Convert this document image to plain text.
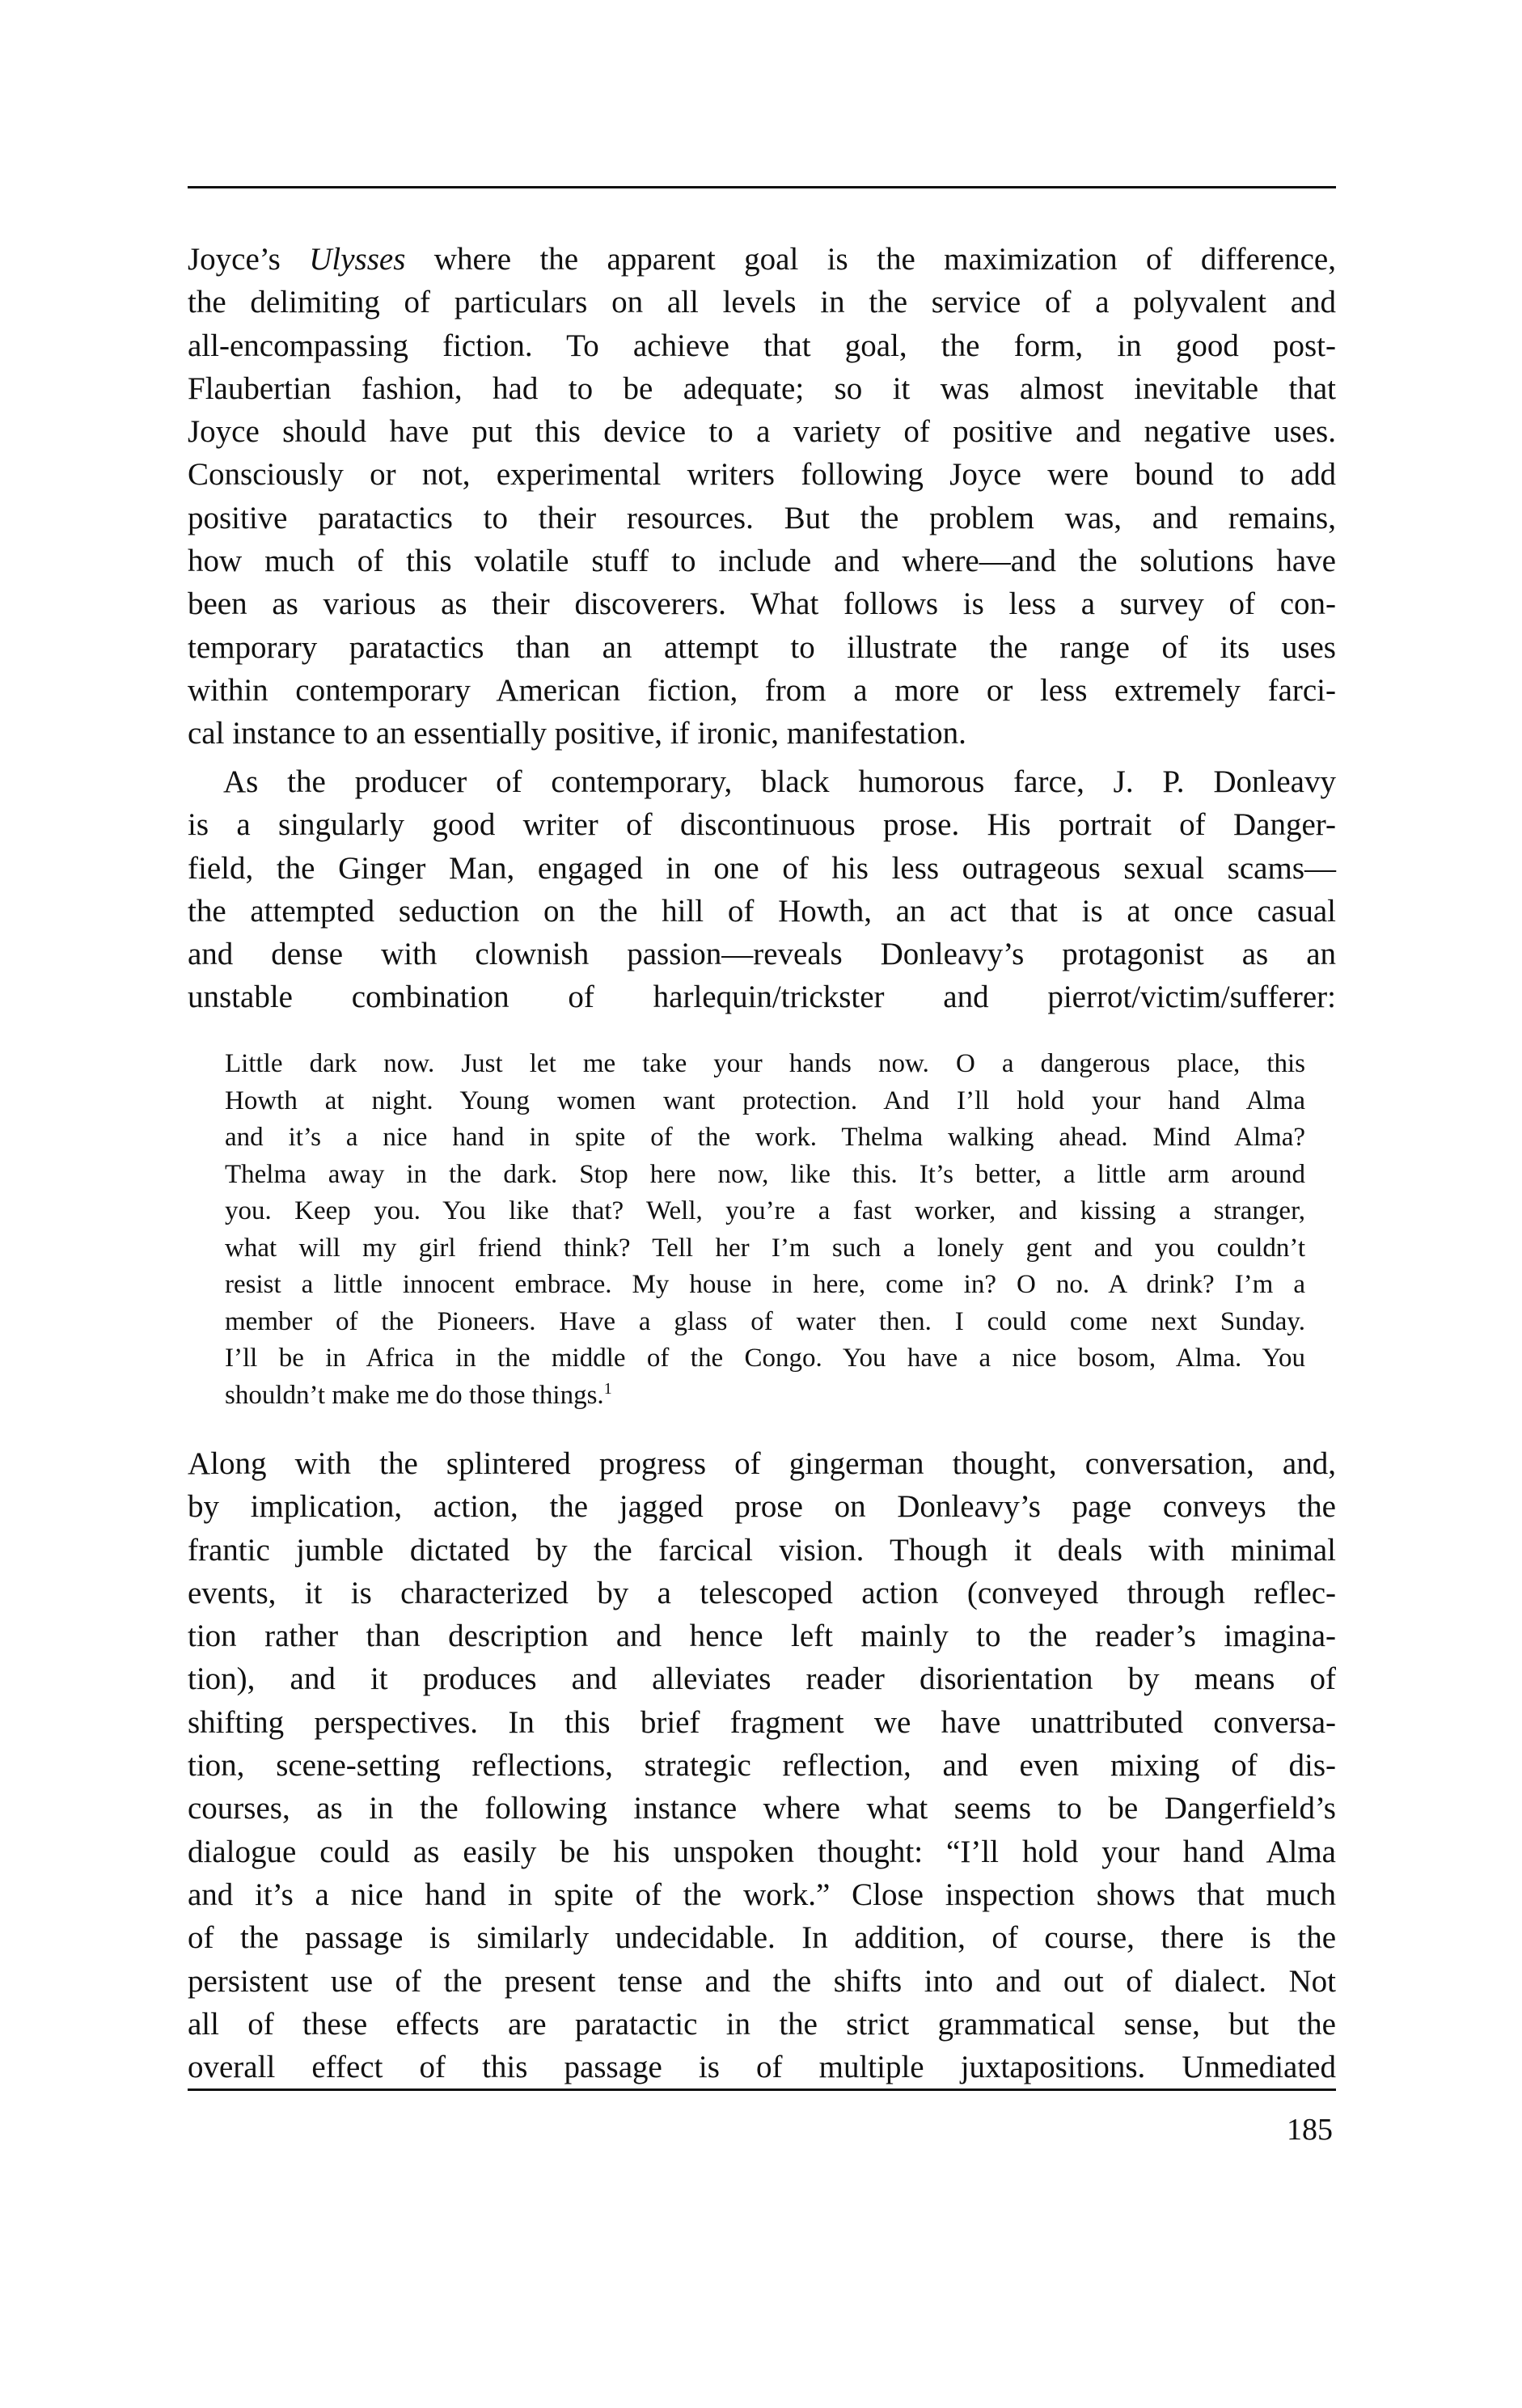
Joyce’s Ulysses where the apparent goal is the maximization of difference,
the delimiting of particulars on all levels in the service of a polyvalent and
all-encompassing fiction. To achieve that goal, the form, in good post-
Flaubertian fashion, had to be adequate; so it was almost inevitable that
Joyce should have put this device to a variety of positive and negative uses.
Consciously or not, experimental writers following Joyce were bound to add
positive paratactics to their resources. But the problem was, and remains,
how much of this volatile stuff to include and where—and the solutions have
been as various as their discoverers. What follows is less a survey of con-
temporary paratactics than an attempt to illustrate the range of its uses
within contemporary American fiction, from a more or less extremely farci-
cal instance to an essentially positive, if ironic, manifestation.
As the producer of contemporary, black humorous farce, J. P. Donleavy
is a singularly good writer of discontinuous prose. His portrait of Danger-
field, the Ginger Man, engaged in one of his less outrageous sexual scams—
the attempted seduction on the hill of Howth, an act that is at once casual
and dense with clownish passion—reveals Donleavy’s protagonist as an
unstable combination of harlequin/trickster and pierrot/victim/sufferer:
Little dark now. Just let me take your hands now. O a dangerous place, this
Howth at night. Young women want protection. And I’ll hold your hand Alma
and it’s a nice hand in spite of the work. Thelma walking ahead. Mind Alma?
Thelma away in the dark. Stop here now, like this. It’s better, a little arm around
you. Keep you. You like that? Well, you’re a fast worker, and kissing a stranger,
what will my girl friend think? Tell her I’m such a lonely gent and you couldn’t
resist a little innocent embrace. My house in here, come in? O no. A drink? I’m a
member of the Pioneers. Have a glass of water then. I could come next Sunday.
I’ll be in Africa in the middle of the Congo. You have a nice bosom, Alma. You
shouldn’t make me do those things.$^1$
Along with the splintered progress of gingerman thought, conversation, and,
by implication, action, the jagged prose on Donleavy’s page conveys the
frantic jumble dictated by the farcical vision. Though it deals with minimal
events, it is characterized by a telescoped action (conveyed through reflec-
tion rather than description and hence left mainly to the reader’s imagina-
tion), and it produces and alleviates reader disorientation by means of
shifting perspectives. In this brief fragment we have unattributed conversa-
tion, scene-setting reflections, strategic reflection, and even mixing of dis-
courses, as in the following instance where what seems to be Dangerfield’s
dialogue could as easily be his unspoken thought: “I’ll hold your hand Alma
and it’s a nice hand in spite of the work.” Close inspection shows that much
of the passage is similarly undecidable. In addition, of course, there is the
persistent use of the present tense and the shifts into and out of dialect. Not
all of these effects are paratactic in the strict grammatical sense, but the
overall effect of this passage is of multiple juxtapositions. Unmediated
185
